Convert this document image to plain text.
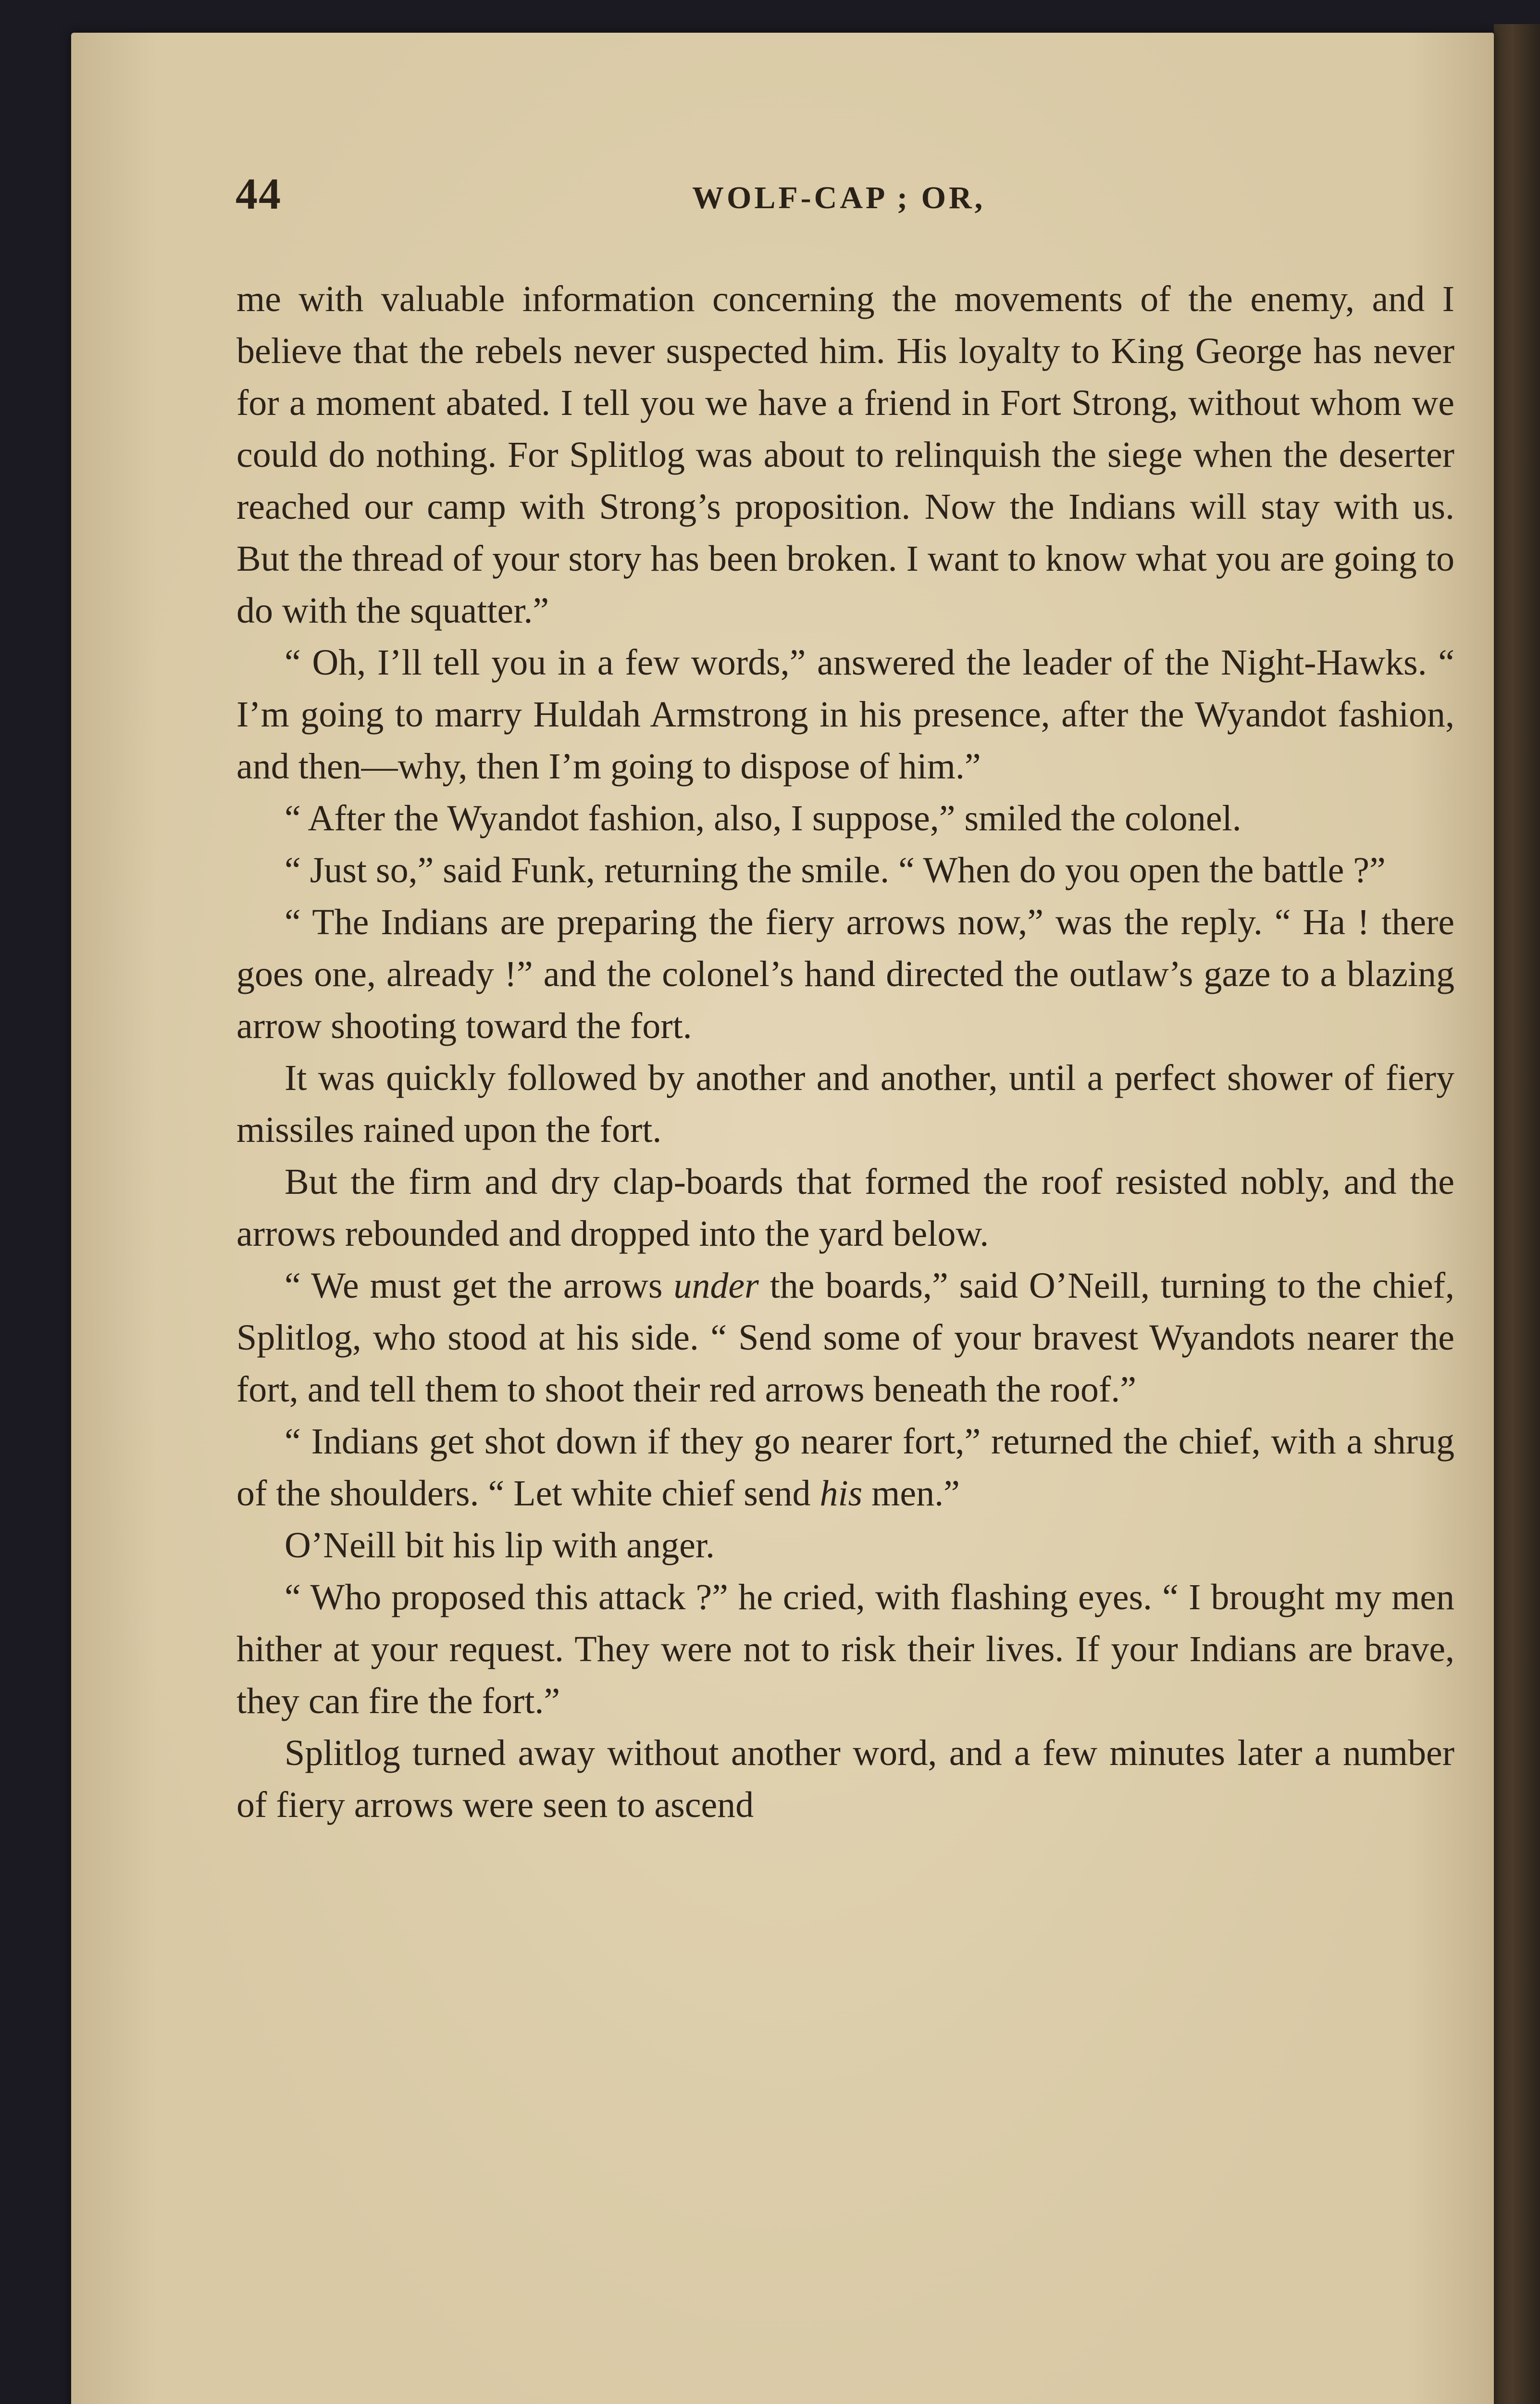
44	WOLF-CAP ; OR,

me with valuable information concerning the movements of the enemy, and I believe that the rebels never suspected him. His loyalty to King George has never for a moment abated. I tell you we have a friend in Fort Strong, without whom we could do nothing. For Splitlog was about to relinquish the siege when the deserter reached our camp with Strong’s proposition. Now the Indians will stay with us. But the thread of your story has been broken. I want to know what you are going to do with the squatter.”

“ Oh, I’ll tell you in a few words,” answered the leader of the Night-Hawks. “ I’m going to marry Huldah Armstrong in his presence, after the Wyandot fashion, and then—why, then I’m going to dispose of him.”

“ After the Wyandot fashion, also, I suppose,” smiled the colonel.

“ Just so,” said Funk, returning the smile. “ When do you open the battle ?”

“ The Indians are preparing the fiery arrows now,” was the reply. “ Ha ! there goes one, already !” and the colonel’s hand directed the outlaw’s gaze to a blazing arrow shooting toward the fort.

It was quickly followed by another and another, until a perfect shower of fiery missiles rained upon the fort.

But the firm and dry clap-boards that formed the roof resisted nobly, and the arrows rebounded and dropped into the yard below.

“ We must get the arrows under the boards,” said O’Neill, turning to the chief, Splitlog, who stood at his side. “ Send some of your bravest Wyandots nearer the fort, and tell them to shoot their red arrows beneath the roof.”

“ Indians get shot down if they go nearer fort,” returned the chief, with a shrug of the shoulders. “ Let white chief send his men.”

O’Neill bit his lip with anger.

“ Who proposed this attack ?” he cried, with flashing eyes. “ I brought my men hither at your request. They were not to risk their lives. If your Indians are brave, they can fire the fort.”

Splitlog turned away without another word, and a few minutes later a number of fiery arrows were seen to ascend
